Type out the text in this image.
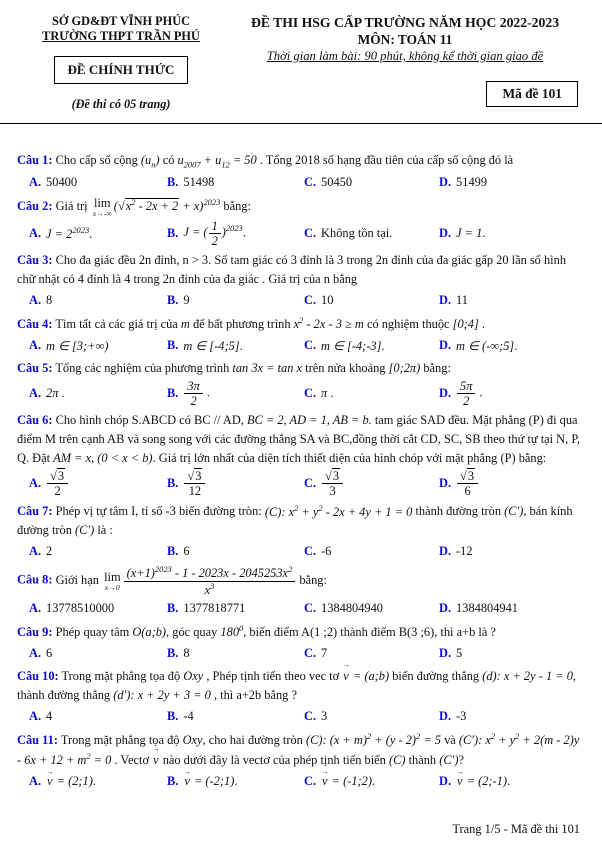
SỞ GD&ĐT VĨNH PHÚC
TRƯỜNG THPT TRẦN PHÚ
ĐỀ CHÍNH THỨC
(Đề thi có 05 trang)
ĐỀ THI HSG CẤP TRƯỜNG NĂM HỌC 2022-2023
MÔN: TOÁN 11
Thời gian làm bài: 90 phút, không kể thời gian giao đề
Mã đề 101
Câu 1: Cho cấp số cộng $(u_n)$ có $u_{2007} + u_{12} = 50$ . Tổng 2018 số hạng đầu tiên của cấp số cộng đó là
A. 50400	B. 51498	C. 50450	D. 51499
Câu 2: Giá trị lim
x→-∞
$(√x^2 - 2x + 2 + x)^{2023}$ bằng:
A. $J = 2^{2023}$.	B. J = ( $\frac{1}{2} )^{2023}$.	C. Không tồn tại.	D. J = 1.
Câu 3: Cho đa giác đều 2n đỉnh, n > 3. Số tam giác có 3 đỉnh là 3 trong 2n đỉnh của đa giác gấp 20 lần số hình chữ nhật có 4 đỉnh là 4 trong 2n đỉnh của đa giác . Giá trị của n bằng
A. 8	B. 9	C. 10	D. 11
Câu 4: Tìm tất cả các giá trị của m để bất phương trình $x^2 - 2x - 3 \ge m$ có nghiệm thuộc [0;4] .
A. m ∈ [3;+∞)	B. m ∈ [-4;5].	C. m ∈ [-4;-3].	D. m ∈ (-∞;5].
Câu 5: Tổng các nghiệm của phương trình tan 3x = tan x trên nửa khoảng [0;2π) bằng:
A. 2π .	B. $\frac{3\pi}{2}$ .	C. π .	D. $\frac{5\pi}{2}$ .
Câu 6: Cho hình chóp S.ABCD có BC // AD, BC = 2, AD = 1, AB = b. tam giác SAD đều. Mặt phẳng (P) đi qua điểm M trên cạnh AB và song song với các đường thẳng SA và BC,đồng thời cắt CD, SC, SB theo thứ tự tại N, P, Q. Đặt AM = x, (0 < x < b). Giá trị lớn nhất của diện tích thiết diện của hình chóp với mặt phẳng (P) bằng:
A. $\frac{√3}{2}$	B. $\frac{√3}{12}$	C. $\frac{√3}{3}$	D. $\frac{√3}{6}$
Câu 7: Phép vị tự tâm I, tỉ số -3 biến đường tròn: (C): $x^2 + y^2 - 2x + 4y + 1 = 0$ thành đường tròn (C′), bán kính đường tròn (C′) là :
A. 2	B. 6	C. -6	D. -12
Câu 8: Giới hạn lim
$x\to 0 \frac{(x+1)^{2023} - 1 - 2023x - 2045253x^2}{x^3}$ bằng:
A. 13778510000	B. 1377818771	C. 1384804940	D. 1384804941
Câu 9: Phép quay tâm O(a;b), góc quay $180^0$, biến điểm A(1 ;2) thành điểm B(3 ;6), thì a+b là ?
A. 6	B. 8	C. 7	D. 5
Câu 10: Trong mặt phẳng tọa độ Oxy , Phép tịnh tiến theo vec tơ v
→
= (a;b) biến đường thẳng (d): x + 2y - 1 = 0, thành đường thẳng (d′): x + 2y + 3 = 0 , thì a+2b bằng ?
A. 4	B. -4	C. 3	D. -3
Câu 11: Trong mặt phẳng tọa độ Oxy, cho hai đường tròn (C): $(x + m)^2 + (y - 2)^2 = 5$ và (C′): $x^2 + y^2 + 2(m - 2)y - 6x + 12 + m^2 = 0$ . Vectơ v
→
nào dưới đây là vectơ của phép tịnh tiến biến (C) thành (C′)?
A. v
→
= (2;1).	B. v
→
= (-2;1).	C. v
→
= (-1;2).	D. v
→
= (2;-1).
Trang 1/5 - Mã đề thi 101
